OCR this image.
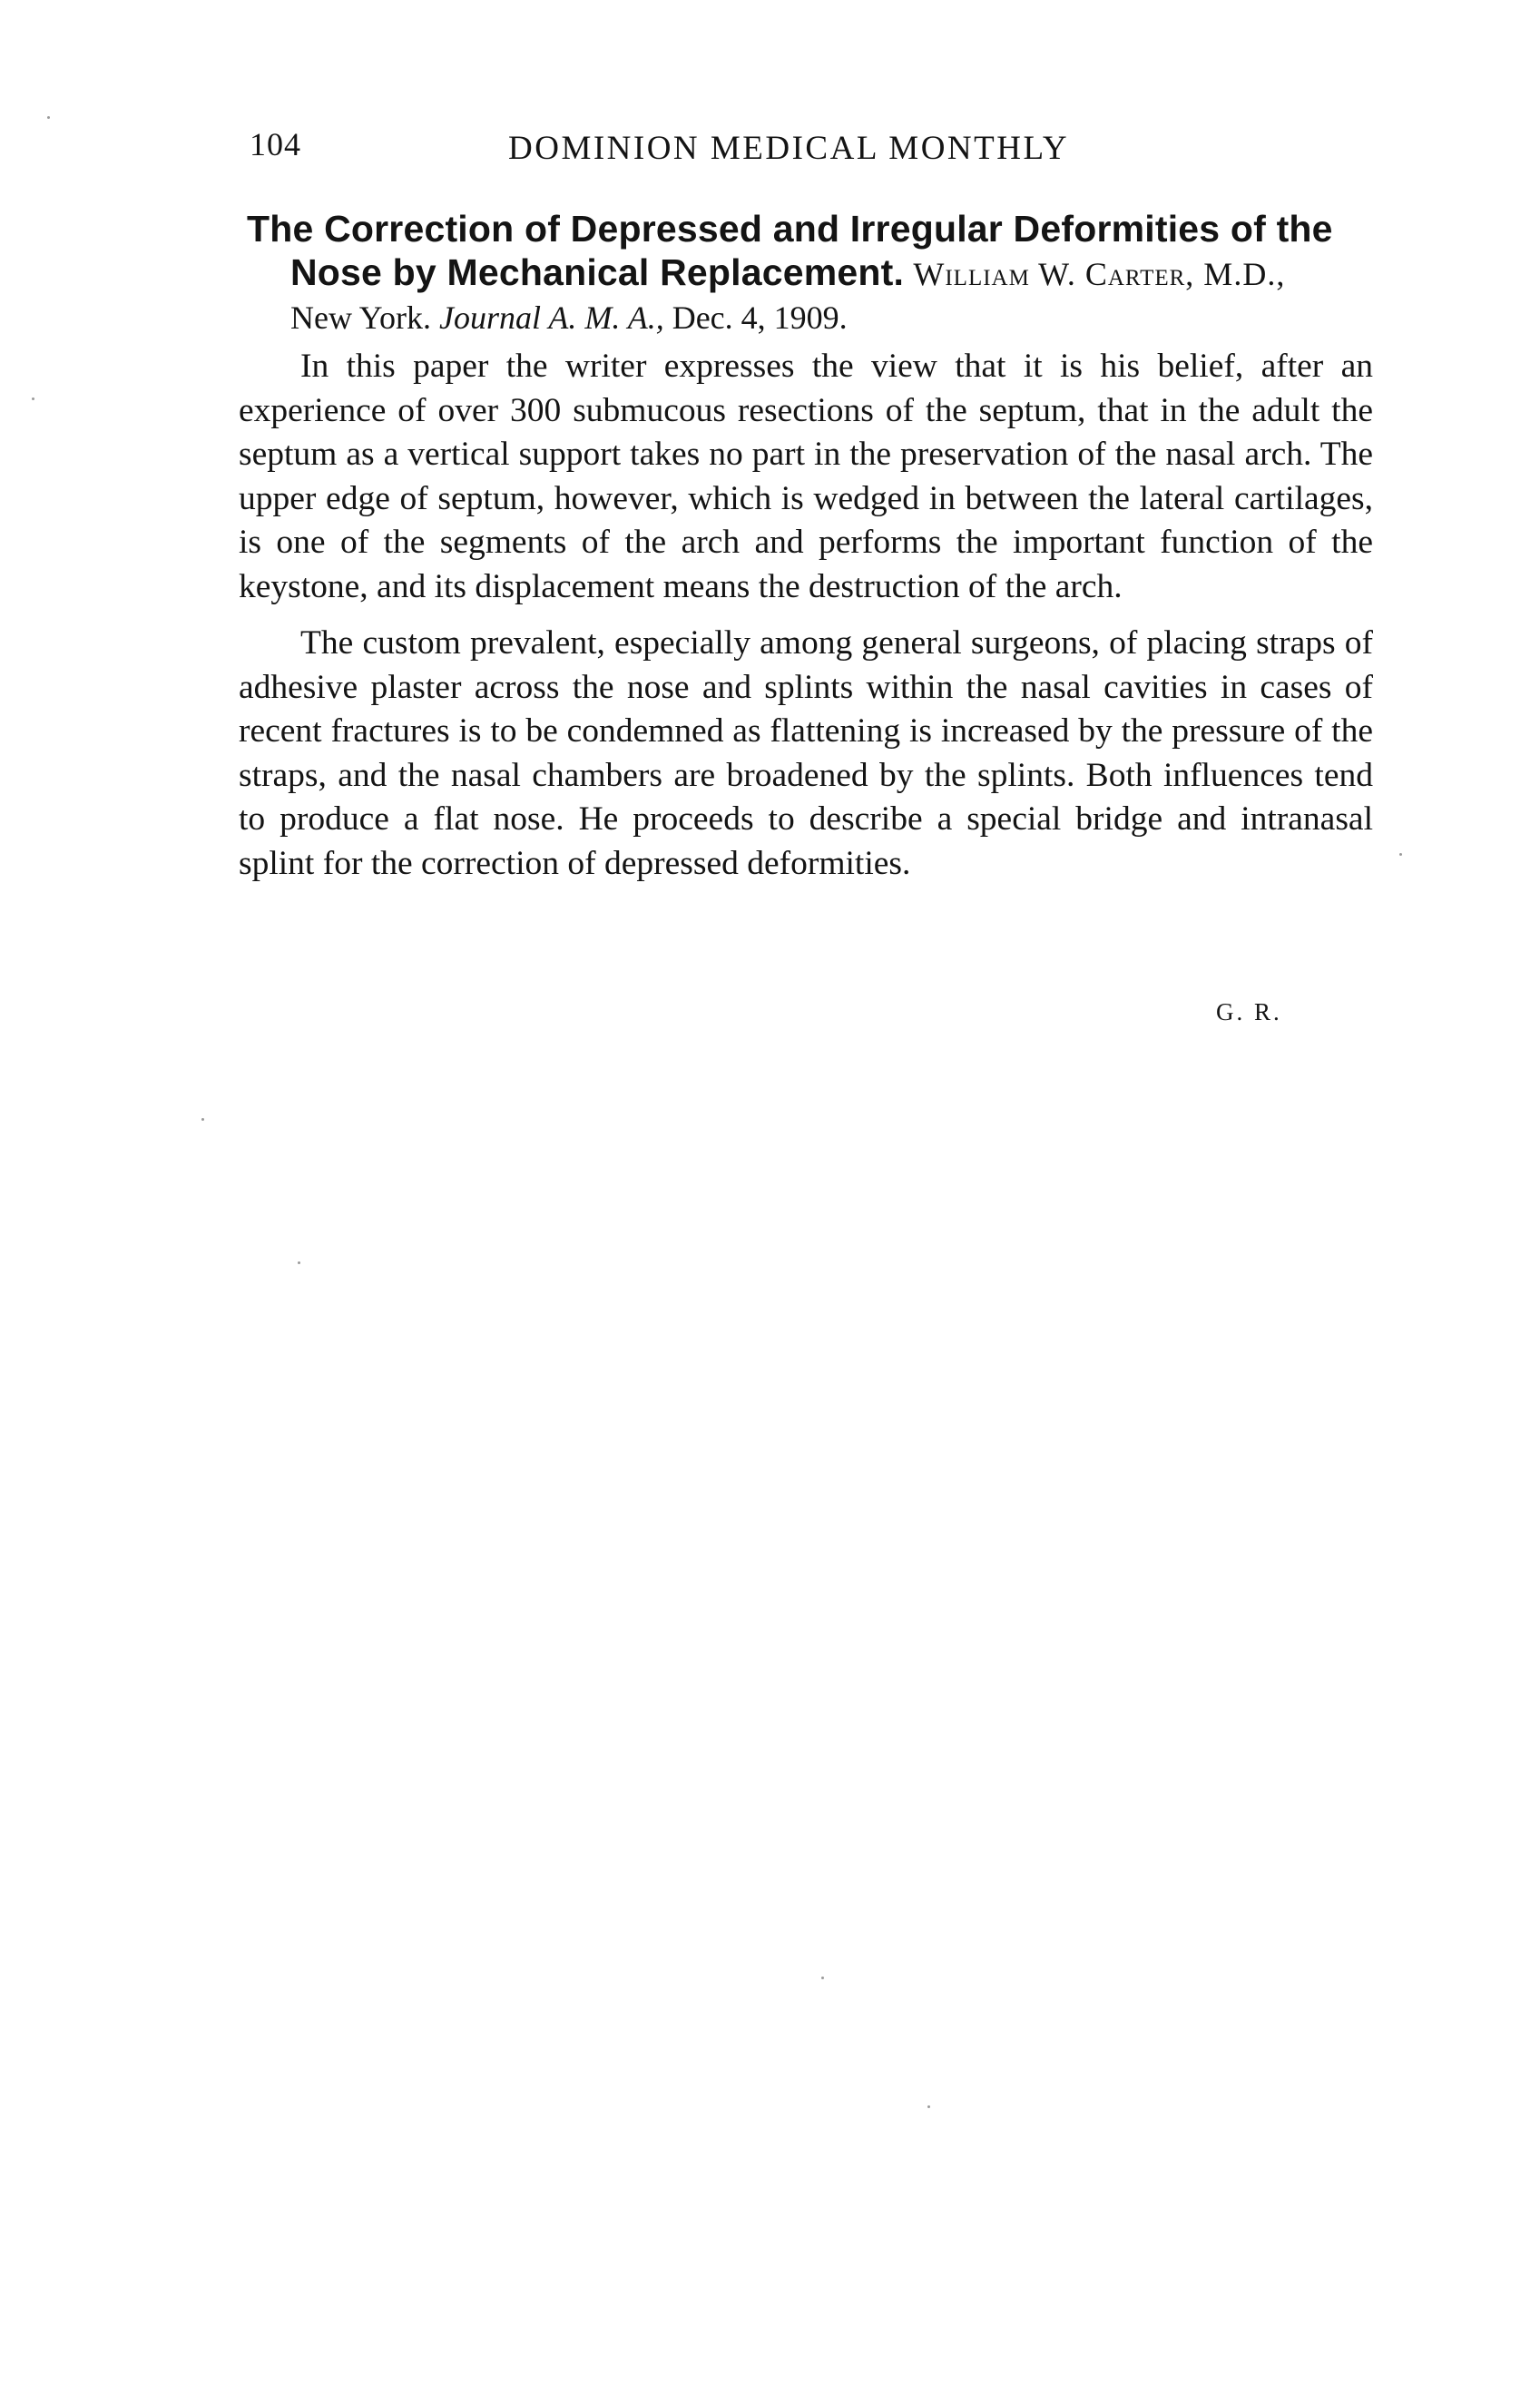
104	DOMINION MEDICAL MONTHLY
The Correction of Depressed and Irregular Deformities of the
Nose by Mechanical Replacement. William W. Carter, M.D.,
New York. Journal A. M. A., Dec. 4, 1909.

In this paper the writer expresses the view that it is his belief, after an experience of over 300 submucous resections of the septum, that in the adult the septum as a vertical support takes no part in the preservation of the nasal arch. The upper edge of septum, however, which is wedged in between the lateral cartilages, is one of the segments of the arch and performs the important function of the keystone, and its displacement means the destruction of the arch.

The custom prevalent, especially among general surgeons, of placing straps of adhesive plaster across the nose and splints within the nasal cavities in cases of recent fractures is to be condemned as flattening is increased by the pressure of the straps, and the nasal chambers are broadened by the splints. Both influences tend to produce a flat nose. He proceeds to describe a special bridge and intranasal splint for the correction of depressed deformities.

G. R.
